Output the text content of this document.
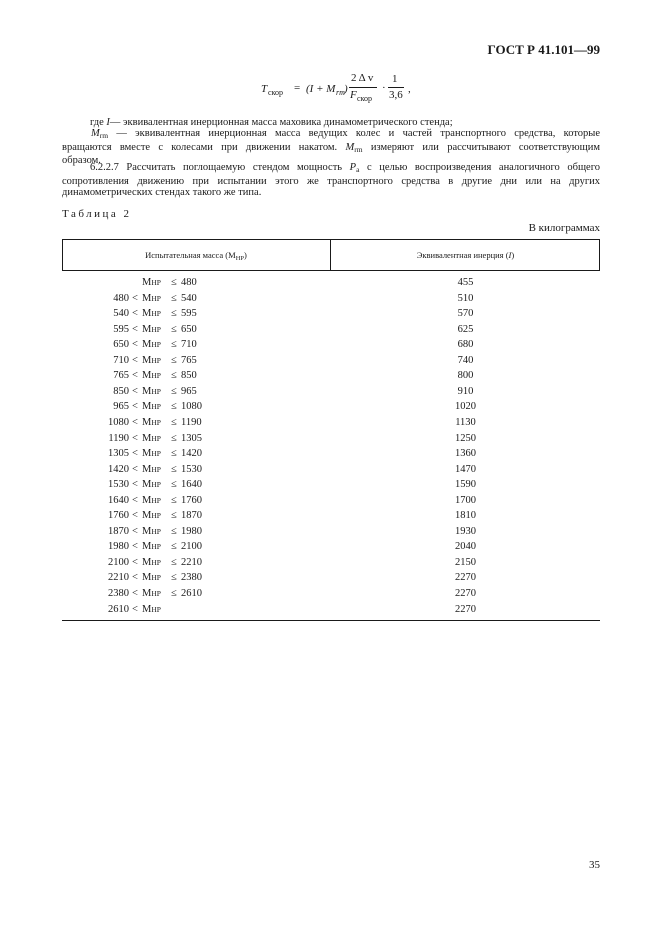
ГОСТ Р 41.101—99
T скор = (I + M rm )
2 Δ v
F скор
·
1
3,6 ,
где I— эквивалентная инерционная масса маховика динамометрического стенда;
Mrm — эквивалентная инерционная масса ведущих колес и частей транспортного средства, которые
вращаются вместе с колесами при движении накатом. Mrm измеряют или рассчитывают соответствующим
образом.
6.2.2.7 Рассчитать поглощаемую стендом мощность Pa с целью воспроизведения аналогичного общего
сопротивления движению при испытании этого же транспортного средства в другие дни или на других
динамометрических стендах такого же типа.
Таблица 2
В килограммах
Испытательная масса $(М_{НР})$	Эквивалентная инерция (I)
МНР ≤ 480	455
480 < МНР ≤ 540	510
540 < МНР ≤ 595	570
595 < МНР ≤ 650	625
650 < МНР ≤ 710	680
710 < МНР ≤ 765	740
765 < МНР ≤ 850	800
850 < МНР ≤ 965	910
965 < МНР ≤ 1080	1020
1080 < МНР ≤ 1190	1130
1190 < МНР ≤ 1305	1250
1305 < МНР ≤ 1420	1360
1420 < МНР ≤ 1530	1470
1530 < МНР ≤ 1640	1590
1640 < МНР ≤ 1760	1700
1760 < МНР ≤ 1870	1810
1870 < МНР ≤ 1980	1930
1980 < МНР ≤ 2100	2040
2100 < МНР ≤ 2210	2150
2210 < МНР ≤ 2380	2270
2380 < МНР ≤ 2610	2270
2610 < МНР	2270
35
